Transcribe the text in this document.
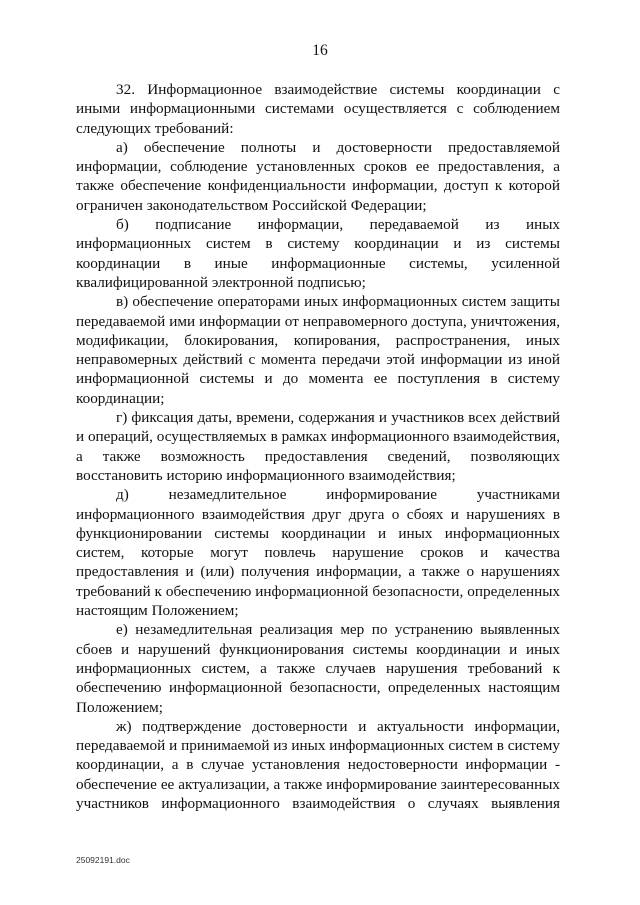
16

32. Информационное взаимодействие системы координации с иными информационными системами осуществляется с соблюдением следующих требований:

а) обеспечение полноты и достоверности предоставляемой информации, соблюдение установленных сроков ее предоставления, а также обеспечение конфиденциальности информации, доступ к которой ограничен законодательством Российской Федерации;

б) подписание информации, передаваемой из иных информационных систем в систему координации и из системы координации в иные информационные системы, усиленной квалифицированной электронной подписью;

в) обеспечение операторами иных информационных систем защиты передаваемой ими информации от неправомерного доступа, уничтожения, модификации, блокирования, копирования, распространения, иных неправомерных действий с момента передачи этой информации из иной информационной системы и до момента ее поступления в систему координации;

г) фиксация даты, времени, содержания и участников всех действий и операций, осуществляемых в рамках информационного взаимодействия, а также возможность предоставления сведений, позволяющих восстановить историю информационного взаимодействия;

д) незамедлительное информирование участниками информационного взаимодействия друг друга о сбоях и нарушениях в функционировании системы координации и иных информационных систем, которые могут повлечь нарушение сроков и качества предоставления и (или) получения информации, а также о нарушениях требований к обеспечению информационной безопасности, определенных настоящим Положением;

е) незамедлительная реализация мер по устранению выявленных сбоев и нарушений функционирования системы координации и иных информационных систем, а также случаев нарушения требований к обеспечению информационной безопасности, определенных настоящим Положением;

ж) подтверждение достоверности и актуальности информации, передаваемой и принимаемой из иных информационных систем в систему координации, а в случае установления недостоверности информации - обеспечение ее актуализации, а также информирование заинтересованных участников информационного взаимодействия о случаях выявления

25092191.doc
